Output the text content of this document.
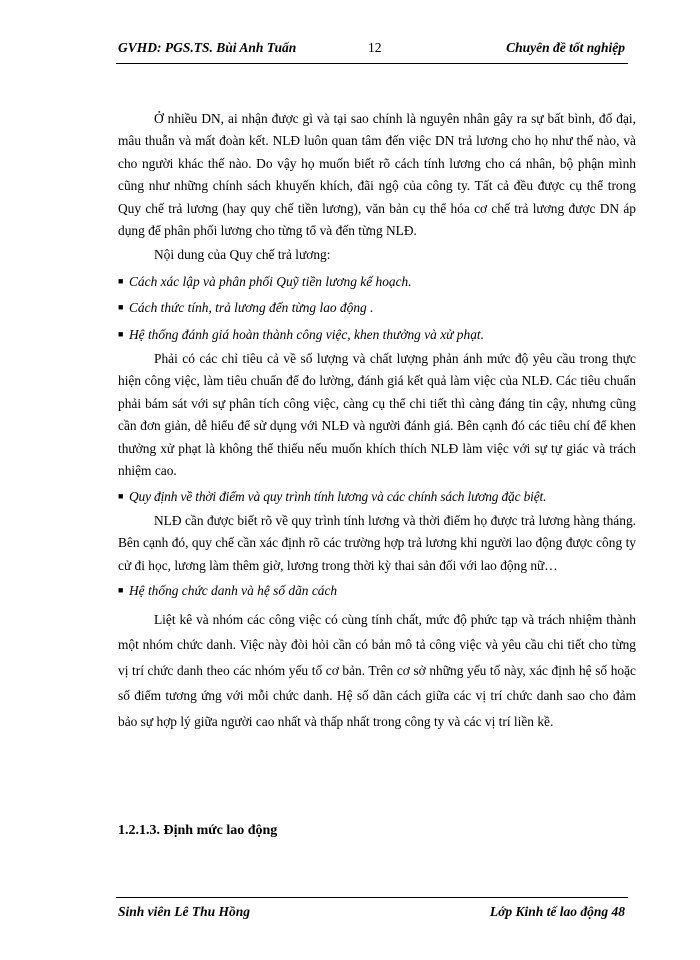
GVHD: PGS.TS. Bùi Anh Tuấn	12	Chuyên đề tốt nghiệp

Ở nhiều DN, ai nhận được gì và tại sao chính là nguyên nhân gây ra sự bất bình, đố đại, mâu thuẫn và mất đoàn kết. NLĐ luôn quan tâm đến việc DN trả lương cho họ như thế nào, và cho người khác thế nào. Do vậy họ muốn biết rõ cách tính lương cho cá nhân, bộ phận mình cũng như những chính sách khuyến khích, đãi ngộ của công ty. Tất cả đều được cụ thể trong Quy chế trả lương (hay quy chế tiền lương), văn bản cụ thể hóa cơ chế trả lương được DN áp dụng để phân phối lương cho từng tổ và đến từng NLĐ.

Nội dung của Quy chế trả lương:

■ Cách xác lập và phân phối Quỹ tiền lương kế hoạch.

■ Cách thức tính, trả lương đến từng lao động .

■ Hệ thống đánh giá hoàn thành công việc, khen thưởng và xử phạt.

Phải có các chỉ tiêu cả về số lượng và chất lượng phản ánh mức độ yêu cầu trong thực hiện công việc, làm tiêu chuẩn để đo lường, đánh giá kết quả làm việc của NLĐ. Các tiêu chuẩn phải bám sát với sự phân tích công việc, càng cụ thể chi tiết thì càng đáng tin cậy, nhưng cũng cần đơn giản, dễ hiểu để sử dụng với NLĐ và người đánh giá. Bên cạnh đó các tiêu chí để khen thưởng xử phạt là không thể thiếu nếu muốn khích thích NLĐ làm việc với sự tự giác và trách nhiệm cao.

■ Quy định về thời điểm và quy trình tính lương và các chính sách lương đặc biệt.

NLĐ cần được biết rõ về quy trình tính lương và thời điểm họ được trả lương hàng tháng. Bên cạnh đó, quy chế cần xác định rõ các trường hợp trả lương khi người lao động được công ty cử đi học, lương làm thêm giờ, lương trong thời kỳ thai sản đối với lao động nữ…

■ Hệ thống chức danh và hệ số dãn cách

Liệt kê và nhóm các công việc có cùng tính chất, mức độ phức tạp và trách nhiệm thành một nhóm chức danh. Việc này đòi hỏi cần có bản mô tả công việc và yêu cầu chi tiết cho từng vị trí chức danh theo các nhóm yếu tố cơ bản. Trên cơ sở những yếu tố này, xác định hệ số hoặc số điểm tương ứng với mỗi chức danh. Hệ số dãn cách giữa các vị trí chức danh sao cho đảm bảo sự hợp lý giữa người cao nhất và thấp nhất trong công ty và các vị trí liền kề.

1.2.1.3. Định mức lao động
Sinh viên Lê Thu Hồng	Lớp Kinh tế lao động 48
